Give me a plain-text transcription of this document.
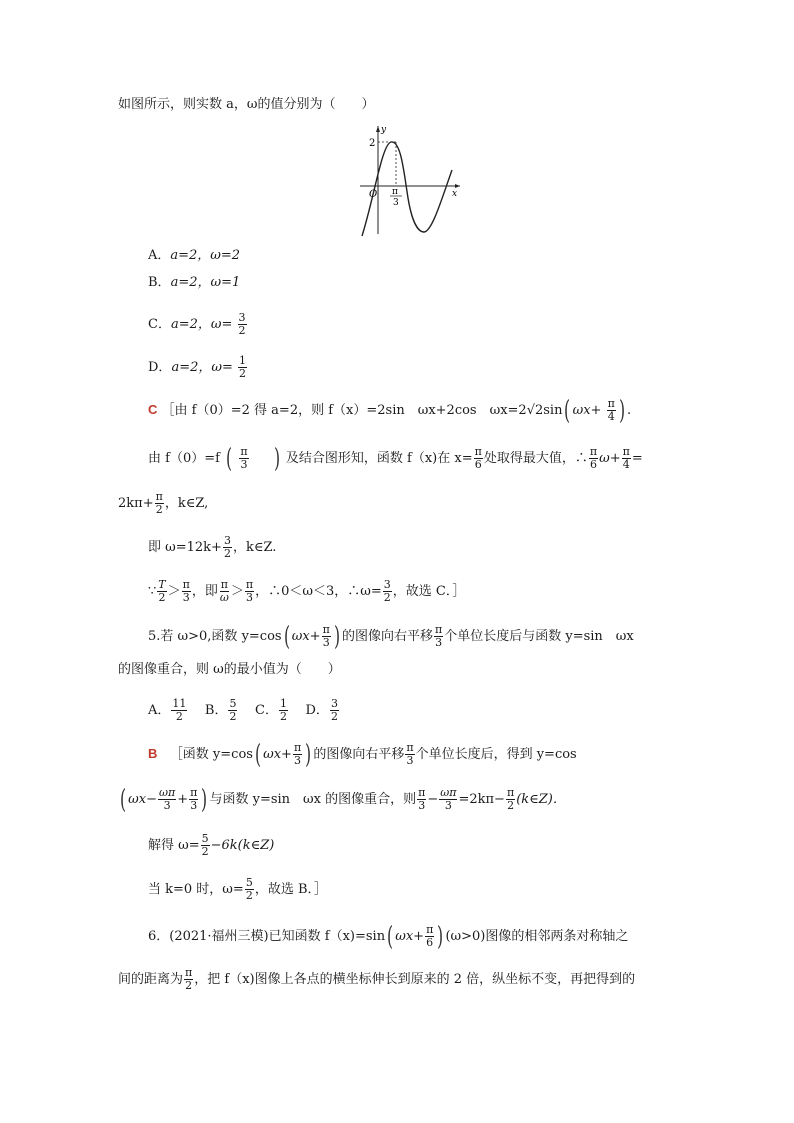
如图所示，则实数 a，ω的值分别为（　　）
y
x
O
2
π
3
A．a=2，ω=2
B．a=2，ω=1
C．a=2，$\omega= \frac{3}{2}$
D．a=2，$\omega= \frac{1}{2}$
C ［由 f（0）=2 得 a=2，则 f（x）=2sin　ωx+2cos　ωx=2√2sin( $\omega x+ \frac{\pi}{4}$ ) .
由 f（0）=f ( $\frac{\pi}{3}$ ) 及结合图形知，函数 f（x)在 $x= \frac{\pi}{6}$ 处取得最大值，∴ $\frac{\pi}{6} \omega+ \frac{\pi}{4}$ =
$2k\pi+ \frac{\pi}{2}$ ，k∈Z,
即 $\omega=12k+ \frac{3}{2}$ ，k∈Z.
∵ $\frac{T}{2} > \frac{\pi}{3}$ ，即 $\frac{\pi}{\omega} > \frac{\pi}{3}$ ，∴0＜ω＜3，∴ω= $\frac{3}{2}$ ，故选 C．］
5.若 ω>0,函数 y=cos( $\omega x+ \frac{\pi}{3}$ ) 的图像向右平移 $\frac{\pi}{3}$ 个单位长度后与函数 y=sin　ωx
的图像重合，则 ω的最小值为（　　）
A． $\frac{11}{2}$ B． $\frac{5}{2}$ C． $\frac{1}{2}$ D． $\frac{3}{2}$
B ［函数 y=cos( $\omega x+ \frac{\pi}{3}$ ) 的图像向右平移 $\frac{\pi}{3}$ 个单位长度后，得到 y=cos
( $\omega x- \frac{\omega\pi}{3} + \frac{\pi}{3}$ ) 与函数 y=sin　ωx 的图像重合，则 $\frac{\pi}{3} - \frac{\omega\pi}{3} =2k\pi- \frac{\pi}{2}$ (k∈Z)．
解得 $\omega= \frac{5}{2}$ −6k(k∈Z)
当 k=0 时，$\omega= \frac{5}{2}$ ，故选 B．］
6．(2021·福州三模)已知函数 f（x)=sin( $\omega x+ \frac{\pi}{6}$ ) (ω>0)图像的相邻两条对称轴之
间的距离为 $\frac{\pi}{2}$ ，把 f（x)图像上各点的横坐标伸长到原来的 2 倍，纵坐标不变，再把得到的
